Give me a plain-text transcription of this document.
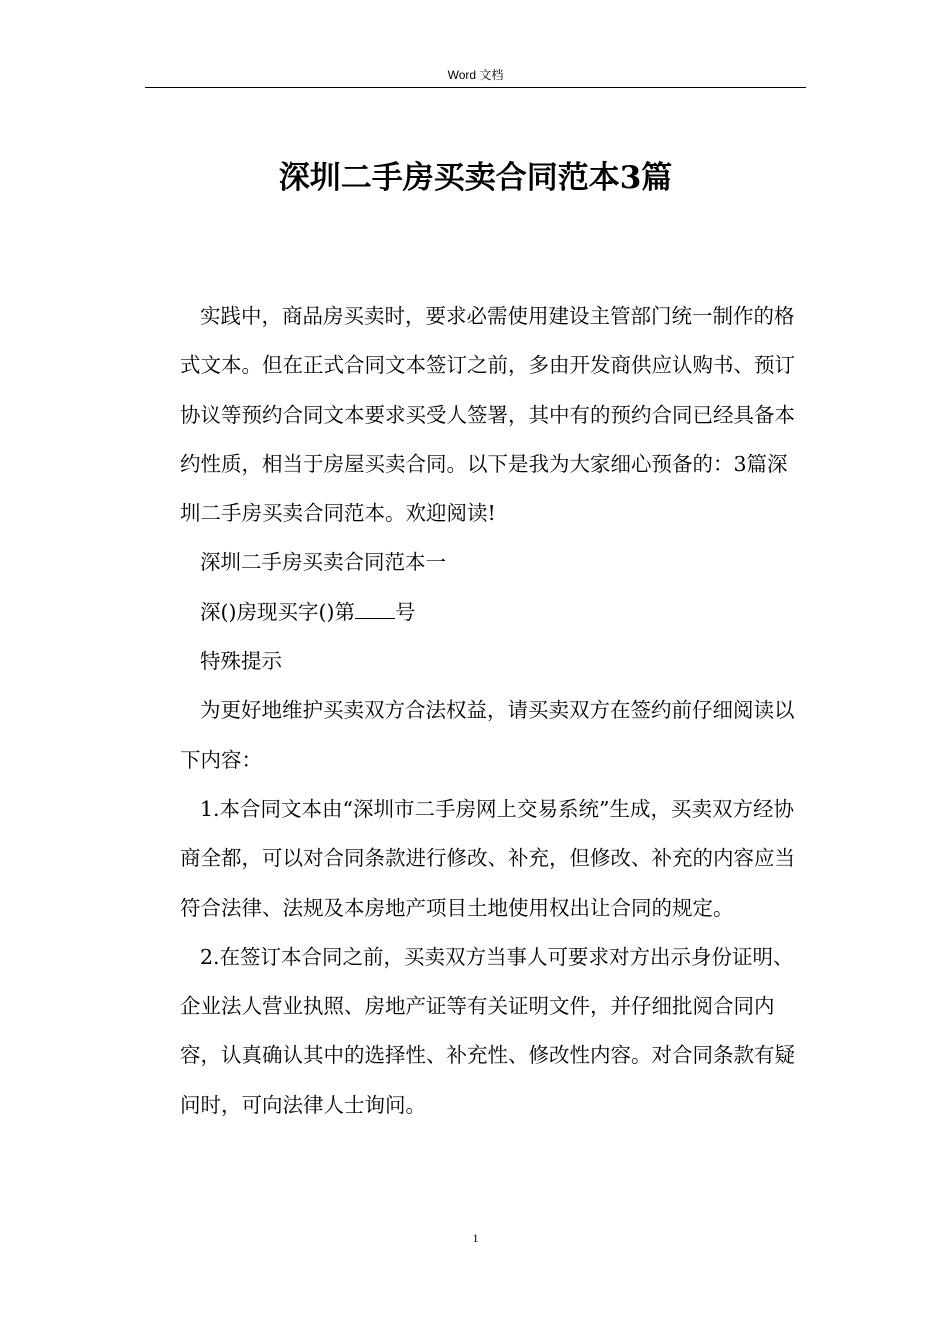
Word 文档
深圳二手房买卖合同范本3篇

实践中，商品房买卖时，要求必需使用建设主管部门统一制作的格式文本。但在正式合同文本签订之前，多由开发商供应认购书、预订协议等预约合同文本要求买受人签署，其中有的预约合同已经具备本约性质，相当于房屋买卖合同。以下是我为大家细心预备的：3篇深圳二手房买卖合同范本。欢迎阅读!

深圳二手房买卖合同范本一

深()房现买字()第 号

特殊提示

为更好地维护买卖双方合法权益，请买卖双方在签约前仔细阅读以下内容：

1.本合同文本由“深圳市二手房网上交易系统”生成，买卖双方经协商全都，可以对合同条款进行修改、补充，但修改、补充的内容应当符合法律、法规及本房地产项目土地使用权出让合同的规定。

2.在签订本合同之前，买卖双方当事人可要求对方出示身份证明、企业法人营业执照、房地产证等有关证明文件，并仔细批阅合同内容，认真确认其中的选择性、补充性、修改性内容。对合同条款有疑问时，可向法律人士询问。

1
